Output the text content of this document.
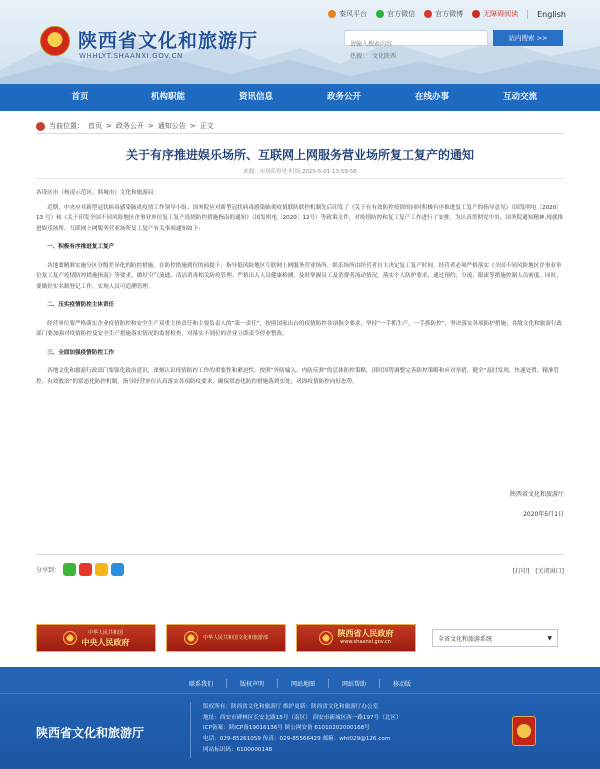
陕西省文化和旅游厅
WHHLYT.SHAANXI.GOV.CN
秦风平台	官方微信	官方微博	无障碍阅读 English
请输入搜索内容
站内搜索 >>
热搜： 文化陕西
首页	机构职能	资讯信息	政务公开	在线办事	互动交流
当前位置： 首页 > 政务公开 > 通知公告 > 正文
关于有序推进娱乐场所、互联网上网服务营业场所复工复产的通知
来源：市场监督处 时间:2020-5-01 13:59:58

各设区市（杨凌示范区、韩城市）文化和旅游局：

近期，中央应对新型冠状病毒感染肺炎疫情工作领导小组、国务院应对新型冠状病毒感染肺炎疫情联防联控机制先后印发了《关于在有效防控疫情的同时积极有序推进复工复产的指导意见》（国发明电〔2020〕13 号）和《关于印发全国不同风险地区企事业单位复工复产疫情防控措施指南的通知》（国发明电〔2020〕12号）等政策文件，对疫情防控和复工复产工作进行了安排。为认真贯彻党中央、国务院通知精神,现就推进娱乐场所、互联网上网服务营业场所复工复产有关事项通知如下：

一、积极有序推进复工复产

各地要精准实施分区分级差异化的防控措施，在防控措施到位的前提下，指导低风险地区互联网上网服务营业场所、娱乐场所由经营者自主决定复工复产时间。经营者必须严格落实《全国不同风险地区企事业单位复工复产疫情防控措施指南》等要求，做好空气流通、清洁消毒相关防疫管理。严格出入人员健康检测，及时掌握员工及消费者流动情况，落实个人防护要求，通过预约、分流、限流等措施控制人员密度。同时，要做好实名制登记工作，实现人员可追溯管理。

二、压实疫情防控主体责任

经营单位要严格落实企业疫情防控和安全生产双重主体责任和主要负责人的“第一责任”，按照国家出台的疫情防控各项指令要求，坚持“一手抓生产，一手抓防控”，坚决落实各项防护措施；各级文化和旅游行政部门要加强对疫情防控及安全生产措施落实情况的监督检查，对落实不到位的企业立即责令停业整改。

三、全面加强疫情防控工作

各地文化和旅游行政部门要强化政治意识，深刻认识疫情防控工作的重要性和紧迫性，按照“外防输入、内防反弹”的总体防控策略，因时因势调整完善防控策略和应对举措，健全“及时发现、快速处置、精准管控、有效救治”的常态化防控机制，指导经营单位认真落实各项防疫要求，确保常态化防控措施落到实处，巩固疫情防控向好态势。

陕西省文化和旅游厅
2020年5月1日
分享到：	[打印] [关闭窗口]
中华人民共和国
中央人民政府
中华人民共和国文化和旅游部	陕西省人民政府
www.shaanxi.gov.cn	全省文化和旅游系统	▼
联系我们	版权声明	网站地图	网站帮助	移动版
陕西省文化和旅游厅
版权所有：陕西省文化和旅游厅 维护更新：陕西省文化和旅游厅办公室
地址：西安市碑林区长安北路15号（南区） 西安市新城区西一路197号（北区）
ICP备案：陕ICP备19016136号 陕公网安备 61010202000168号
电话：029-85261059 传真：029-85566429 邮箱：wht029@126.com
网站标识码：6100000148
